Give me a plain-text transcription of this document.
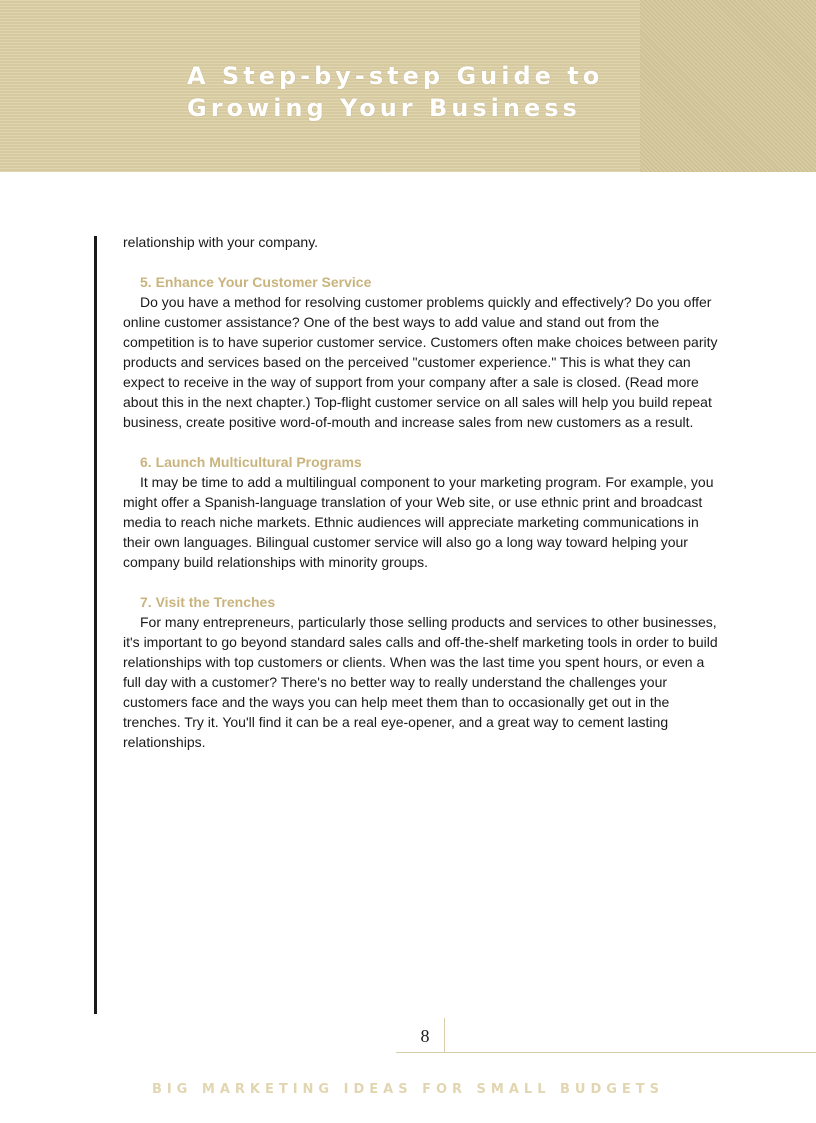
A Step-by-step Guide to Growing Your Business

relationship with your company.

5. Enhance Your Customer Service

Do you have a method for resolving customer problems quickly and effectively? Do you offer online customer assistance? One of the best ways to add value and stand out from the competition is to have superior customer service. Customers often make choices between parity products and services based on the perceived "customer experience." This is what they can expect to receive in the way of support from your company after a sale is closed. (Read more about this in the next chapter.) Top-flight customer service on all sales will help you build repeat business, create positive word-of-mouth and increase sales from new customers as a result.

6. Launch Multicultural Programs

It may be time to add a multilingual component to your marketing program. For example, you might offer a Spanish-language translation of your Web site, or use ethnic print and broadcast media to reach niche markets. Ethnic audiences will appreciate marketing communications in their own languages. Bilingual customer service will also go a long way toward helping your company build relationships with minority groups.

7. Visit the Trenches

For many entrepreneurs, particularly those selling products and services to other businesses, it's important to go beyond standard sales calls and off-the-shelf marketing tools in order to build relationships with top customers or clients. When was the last time you spent hours, or even a full day with a customer? There's no better way to really understand the challenges your customers face and the ways you can help meet them than to occasionally get out in the trenches. Try it. You'll find it can be a real eye-opener, and a great way to cement lasting relationships.

8
BIG MARKETING IDEAS FOR SMALL BUDGETS
